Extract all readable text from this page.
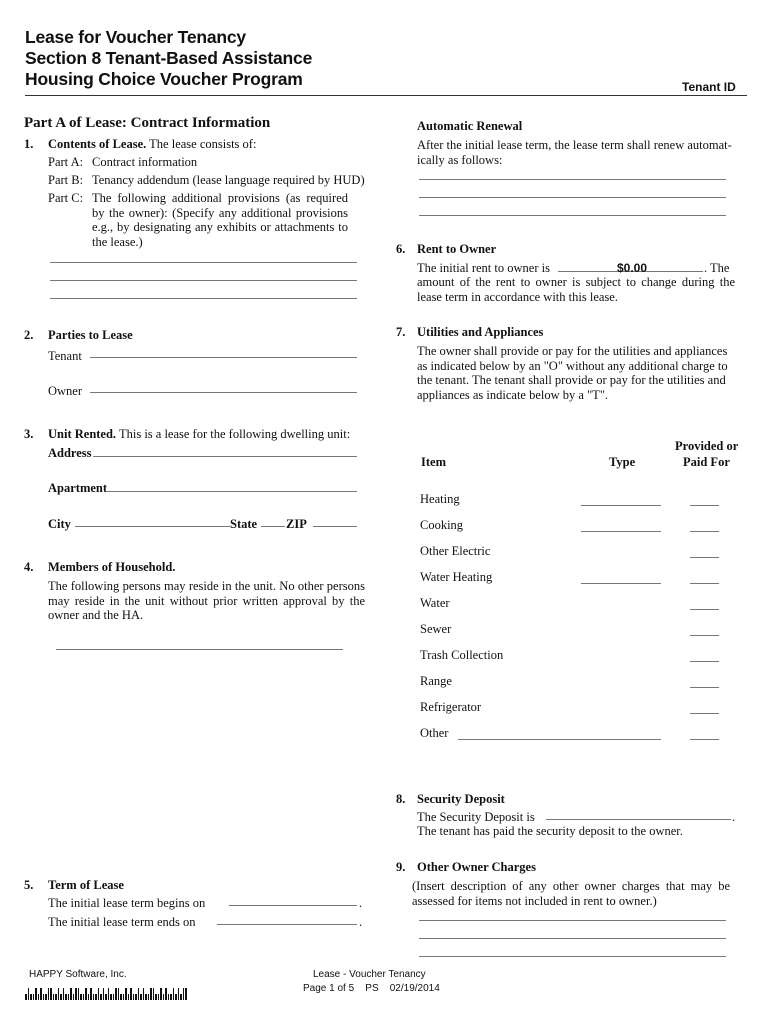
Lease for Voucher Tenancy
Section 8 Tenant-Based Assistance
Housing Choice Voucher Program	Tenant ID
Part A of Lease: Contract Information
1. Contents of Lease. The lease consists of:
Part A: Contract information
Part B: Tenancy addendum (lease language required by HUD)
Part C: The following additional provisions (as required by the owner): (Specify any additional provisions e.g., by designating any exhibits or attachments to the lease.)
2. Parties to Lease
Tenant
Owner
3. Unit Rented. This is a lease for the following dwelling unit:
Address
Apartment
City	State ZIP
4. Members of Household.
The following persons may reside in the unit. No other persons may reside in the unit without prior written approval by the owner and the HA.
5. Term of Lease
The initial lease term begins on	.
The initial lease term ends on	.
Automatic Renewal
After the initial lease term, the lease term shall renew automat-ically as follows:
6. Rent to Owner
The initial rent to owner is	$0.00	. The
amount of the rent to owner is subject to change during the lease term in accordance with this lease.
7. Utilities and Appliances
The owner shall provide or pay for the utilities and appliances as indicated below by an "O" without any additional charge to the tenant. The tenant shall provide or pay for the utilities and appliances as indicate below by a "T".
Provided or
Item	Type	Paid For
Heating
Cooking
Other Electric
Water Heating
Water
Sewer
Trash Collection
Range
Refrigerator
Other
8. Security Deposit
The Security Deposit is	.
The tenant has paid the security deposit to the owner.
9. Other Owner Charges
(Insert description of any other owner charges that may be assessed for items not included in rent to owner.)
HAPPY Software, Inc.	Lease - Voucher Tenancy
Page 1 of 5 PS 02/19/2014
